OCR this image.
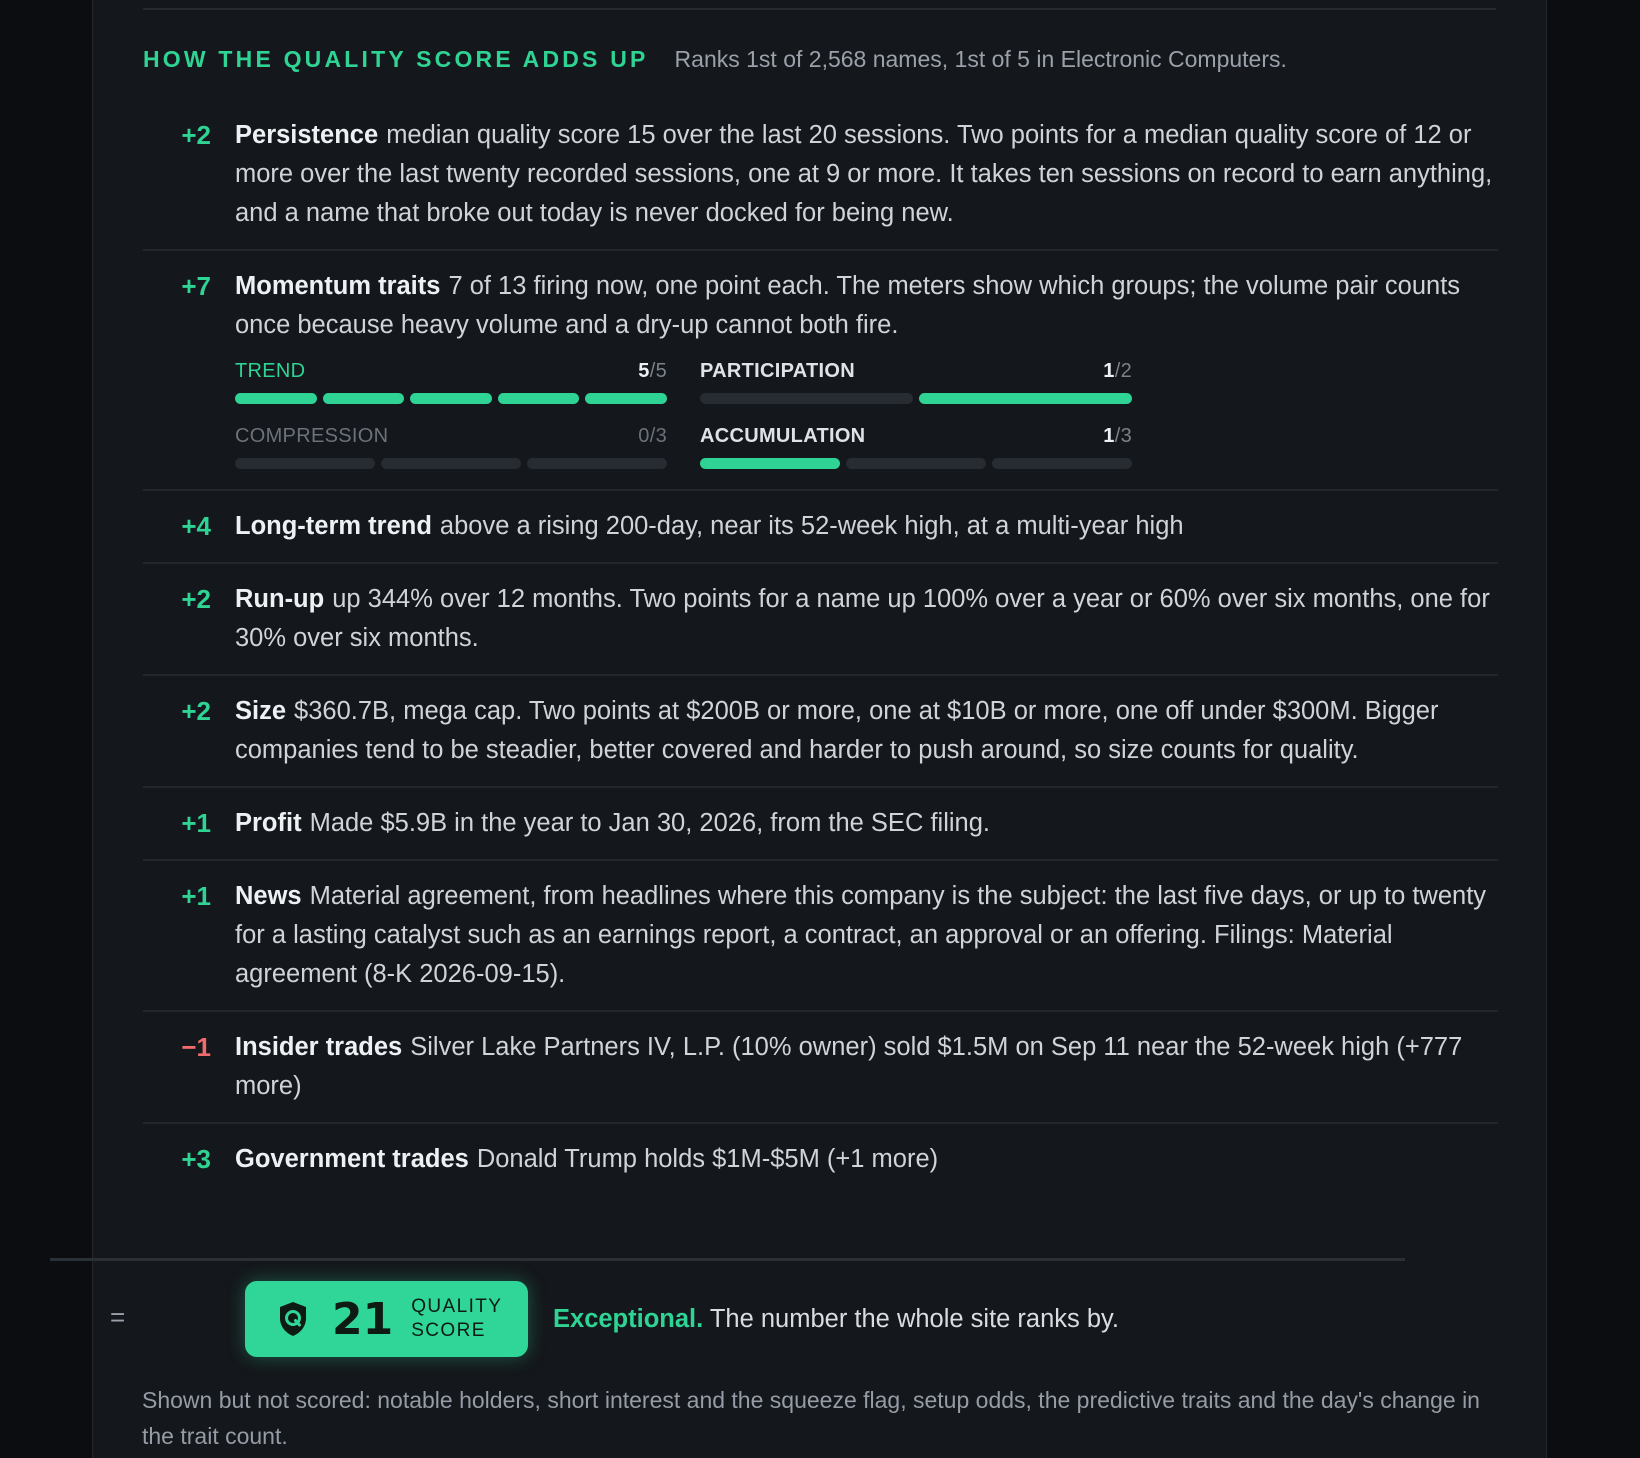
HOW THE QUALITY SCORE ADDS UP Ranks 1st of 2,568 names, 1st of 5 in Electronic Computers.
+2 Persistence median quality score 15 over the last 20 sessions. Two points for a median quality score of 12 or more over the last twenty recorded sessions, one at 9 or more. It takes ten sessions on record to earn anything, and a name that broke out today is never docked for being new.
+7 Momentum traits 7 of 13 firing now, one point each. The meters show which groups; the volume pair counts once because heavy volume and a dry-up cannot both fire.
TREND	5/5 PARTICIPATION	1/2
COMPRESSION	0/3 ACCUMULATION	1/3
+4 Long-term trend above a rising 200-day, near its 52-week high, at a multi-year high
+2 Run-up up 344% over 12 months. Two points for a name up 100% over a year or 60% over six months, one for 30% over six months.
+2 Size $360.7B, mega cap. Two points at $200B or more, one at $10B or more, one off under $300M. Bigger companies tend to be steadier, better covered and harder to push around, so size counts for quality.
+1 Profit Made $5.9B in the year to Jan 30, 2026, from the SEC filing.
+1 News Material agreement, from headlines where this company is the subject: the last five days, or up to twenty for a lasting catalyst such as an earnings report, a contract, an approval or an offering. Filings: Material agreement (8-K 2026-09-15).
−1 Insider trades Silver Lake Partners IV, L.P. (10% owner) sold $1.5M on Sep 11 near the 52-week high (+777 more)
+3 Government trades Donald Trump holds $1M-$5M (+1 more)
=	21 QUALITY
SCORE	Exceptional. The number the whole site ranks by.
Shown but not scored: notable holders, short interest and the squeeze flag, setup odds, the predictive traits and the day's change in the trait count.
